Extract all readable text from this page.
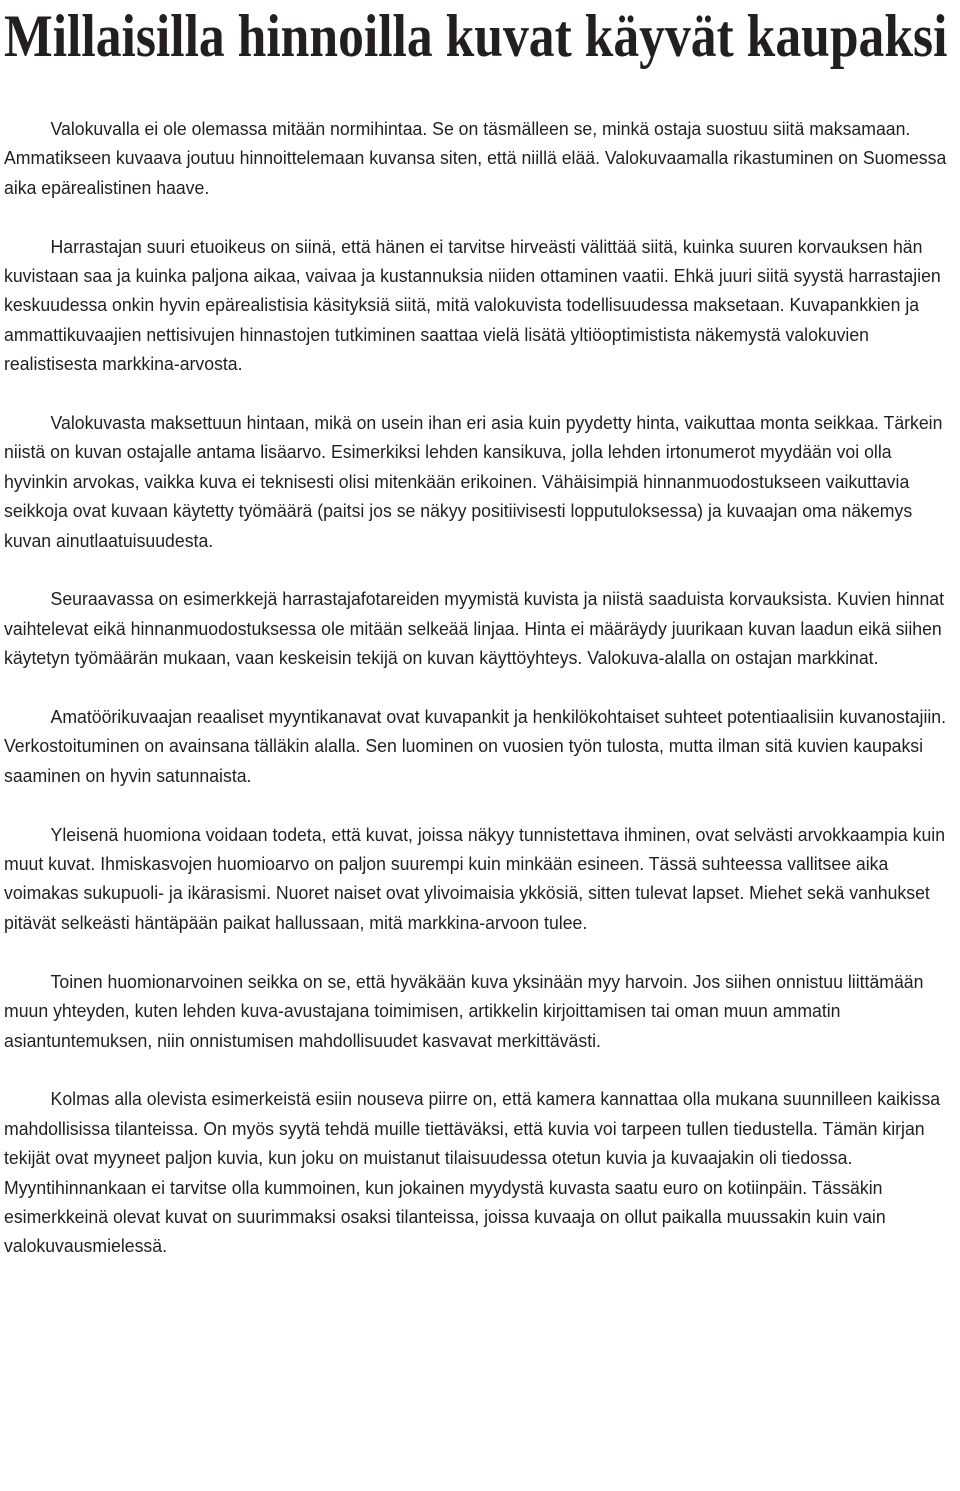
Millaisilla hinnoilla kuvat käyvät kaupaksi

Valokuvalla ei ole olemassa mitään normihintaa. Se on täsmälleen se, minkä ostaja suostuu siitä maksamaan. Ammatikseen kuvaava joutuu hinnoittelemaan kuvansa siten, että niillä elää. Valokuvaamalla rikastuminen on Suomessa aika epärealistinen haave.

Harrastajan suuri etuoikeus on siinä, että hänen ei tarvitse hirveästi välittää siitä, kuinka suuren korvauksen hän kuvistaan saa ja kuinka paljona aikaa, vaivaa ja kustannuksia niiden ottaminen vaatii. Ehkä juuri siitä syystä harrastajien keskuudessa onkin hyvin epärealistisia käsityksiä siitä, mitä valokuvista todellisuudessa maksetaan. Kuvapankkien ja ammattikuvaajien nettisivujen hinnastojen tutkiminen saattaa vielä lisätä yltiöoptimistista näkemystä valokuvien realistisesta markkina-arvosta.

Valokuvasta maksettuun hintaan, mikä on usein ihan eri asia kuin pyydetty hinta, vaikuttaa monta seikkaa. Tärkein niistä on kuvan ostajalle antama lisäarvo. Esimerkiksi lehden kansikuva, jolla lehden irtonumerot myydään voi olla hyvinkin arvokas, vaikka kuva ei teknisesti olisi mitenkään erikoinen. Vähäisimpiä hinnanmuodostukseen vaikuttavia seikkoja ovat kuvaan käytetty työmäärä (paitsi jos se näkyy positiivisesti lopputuloksessa) ja kuvaajan oma näkemys kuvan ainutlaatuisuudesta.

Seuraavassa on esimerkkejä harrastajafotareiden myymistä kuvista ja niistä saaduista korvauksista. Kuvien hinnat vaihtelevat eikä hinnanmuodostuksessa ole mitään selkeää linjaa. Hinta ei määräydy juurikaan kuvan laadun eikä siihen käytetyn työmäärän mukaan, vaan keskeisin tekijä on kuvan käyttöyhteys. Valokuva-alalla on ostajan markkinat.

Amatöörikuvaajan reaaliset myyntikanavat ovat kuvapankit ja henkilökohtaiset suhteet potentiaalisiin kuvanostajiin. Verkostoituminen on avainsana tälläkin alalla. Sen luominen on vuosien työn tulosta, mutta ilman sitä kuvien kaupaksi saaminen on hyvin satunnaista.

Yleisenä huomiona voidaan todeta, että kuvat, joissa näkyy tunnistettava ihminen, ovat selvästi arvokkaampia kuin muut kuvat. Ihmiskasvojen huomioarvo on paljon suurempi kuin minkään esineen. Tässä suhteessa vallitsee aika voimakas sukupuoli- ja ikärasismi. Nuoret naiset ovat ylivoimaisia ykkösiä, sitten tulevat lapset. Miehet sekä vanhukset pitävät selkeästi häntäpään paikat hallussaan, mitä markkina-arvoon tulee.

Toinen huomionarvoinen seikka on se, että hyväkään kuva yksinään myy harvoin. Jos siihen onnistuu liittämään muun yhteyden, kuten lehden kuva-avustajana toimimisen, artikkelin kirjoittamisen tai oman muun ammatin asiantuntemuksen, niin onnistumisen mahdollisuudet kasvavat merkittävästi.

Kolmas alla olevista esimerkeistä esiin nouseva piirre on, että kamera kannattaa olla mukana suunnilleen kaikissa mahdollisissa tilanteissa. On myös syytä tehdä muille tiettäväksi, että kuvia voi tarpeen tullen tiedustella. Tämän kirjan tekijät ovat myyneet paljon kuvia, kun joku on muistanut tilaisuudessa otetun kuvia ja kuvaajakin oli tiedossa. Myyntihinnankaan ei tarvitse olla kummoinen, kun jokainen myydystä kuvasta saatu euro on kotiinpäin. Tässäkin esimerkkeinä olevat kuvat on suurimmaksi osaksi tilanteissa, joissa kuvaaja on ollut paikalla muussakin kuin vain valokuvausmielessä.
